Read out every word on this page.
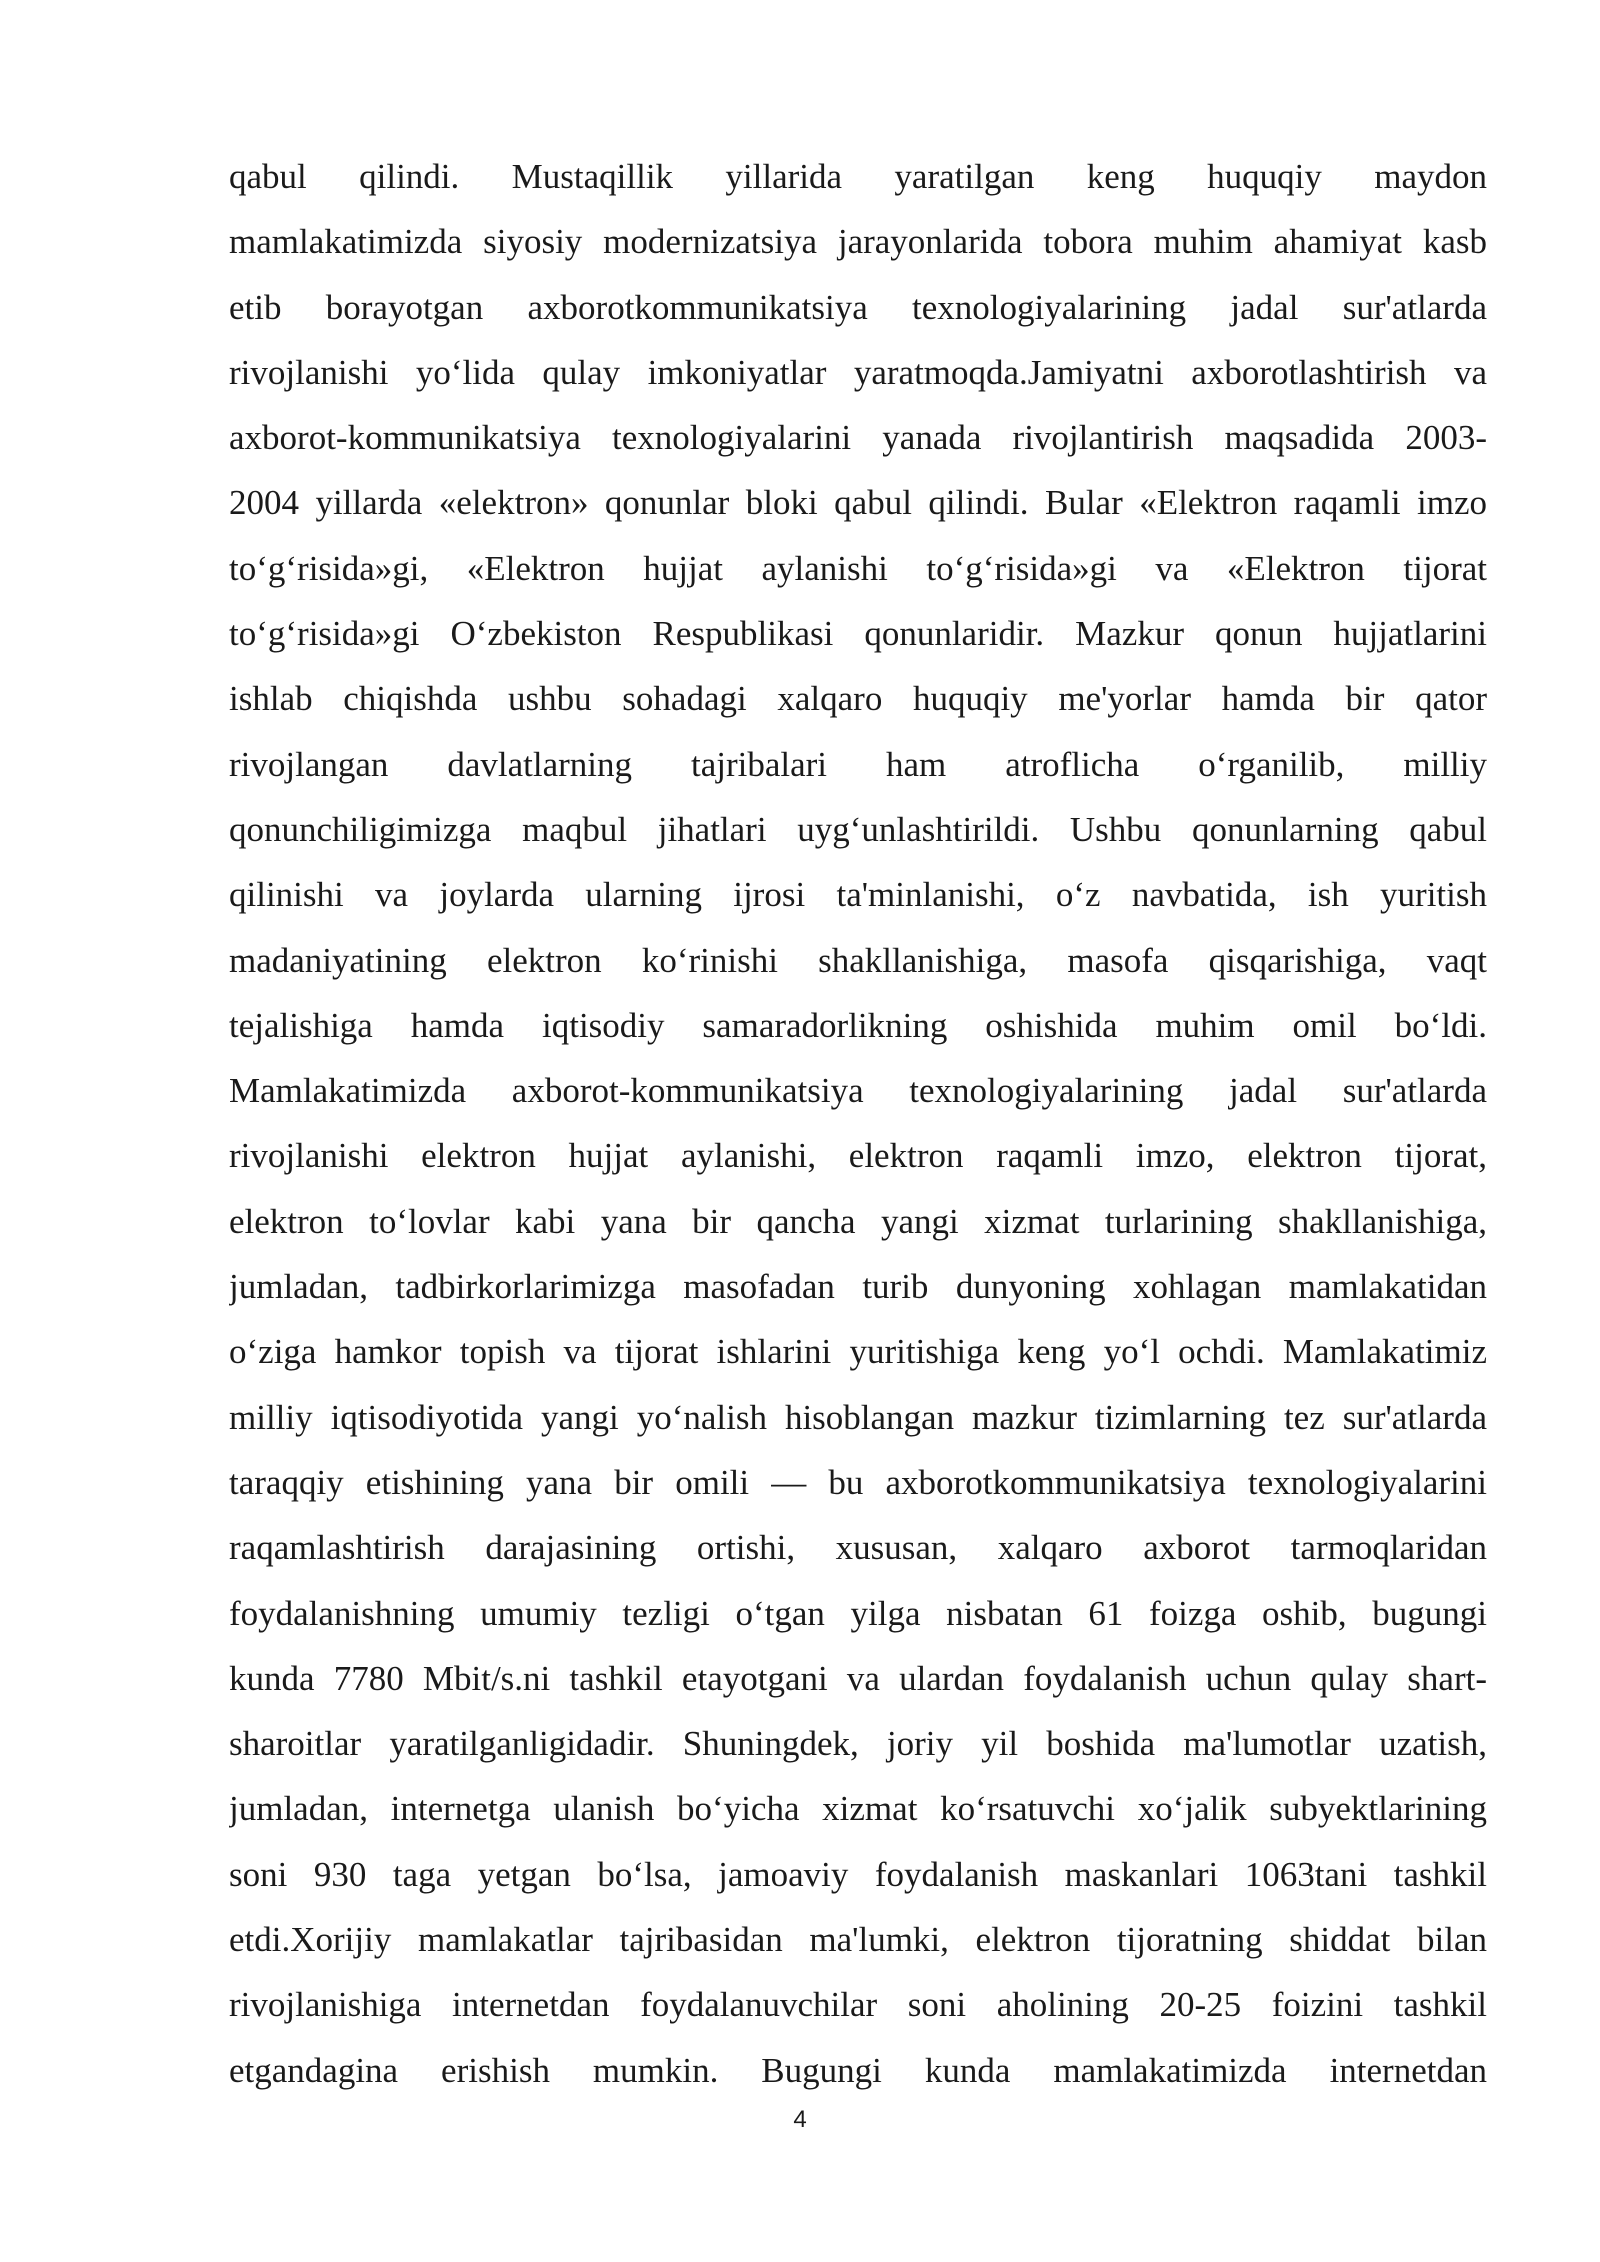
qabul qilindi. Mustaqillik yillarida yaratilgan keng huquqiy maydon
mamlakatimizda siyosiy modernizatsiya jarayonlarida tobora muhim ahamiyat kasb
etib borayotgan axborotkommunikatsiya texnologiyalarining jadal sur'atlarda
rivojlanishi yo‘lida qulay imkoniyatlar yaratmoqda.Jamiyatni axborotlashtirish va
axborot-kommunikatsiya texnologiyalarini yanada rivojlantirish maqsadida 2003-
2004 yillarda «elektron» qonunlar bloki qabul qilindi. Bular «Elektron raqamli imzo
to‘g‘risida»gi, «Elektron hujjat aylanishi to‘g‘risida»gi va «Elektron tijorat
to‘g‘risida»gi O‘zbekiston Respublikasi qonunlaridir. Mazkur qonun hujjatlarini
ishlab chiqishda ushbu sohadagi xalqaro huquqiy me'yorlar hamda bir qator
rivojlangan davlatlarning tajribalari ham atroflicha o‘rganilib, milliy
qonunchiligimizga maqbul jihatlari uyg‘unlashtirildi. Ushbu qonunlarning qabul
qilinishi va joylarda ularning ijrosi ta'minlanishi, o‘z navbatida, ish yuritish
madaniyatining elektron ko‘rinishi shakllanishiga, masofa qisqarishiga, vaqt
tejalishiga hamda iqtisodiy samaradorlikning oshishida muhim omil bo‘ldi.
Mamlakatimizda axborot-kommunikatsiya texnologiyalarining jadal sur'atlarda
rivojlanishi elektron hujjat aylanishi, elektron raqamli imzo, elektron tijorat,
elektron to‘lovlar kabi yana bir qancha yangi xizmat turlarining shakllanishiga,
jumladan, tadbirkorlarimizga masofadan turib dunyoning xohlagan mamlakatidan
o‘ziga hamkor topish va tijorat ishlarini yuritishiga keng yo‘l ochdi. Mamlakatimiz
milliy iqtisodiyotida yangi yo‘nalish hisoblangan mazkur tizimlarning tez sur'atlarda
taraqqiy etishining yana bir omili — bu axborotkommunikatsiya texnologiyalarini
raqamlashtirish darajasining ortishi, xususan, xalqaro axborot tarmoqlaridan
foydalanishning umumiy tezligi o‘tgan yilga nisbatan 61 foizga oshib, bugungi
kunda 7780 Mbit/s.ni tashkil etayotgani va ulardan foydalanish uchun qulay shart-
sharoitlar yaratilganligidadir. Shuningdek, joriy yil boshida ma'lumotlar uzatish,
jumladan, internetga ulanish bo‘yicha xizmat ko‘rsatuvchi xo‘jalik subyektlarining
soni 930 taga yetgan bo‘lsa, jamoaviy foydalanish maskanlari 1063tani tashkil
etdi.Xorijiy mamlakatlar tajribasidan ma'lumki, elektron tijoratning shiddat bilan
rivojlanishiga internetdan foydalanuvchilar soni aholining 20-25 foizini tashkil
etgandagina erishish mumkin. Bugungi kunda mamlakatimizda internetdan
4
